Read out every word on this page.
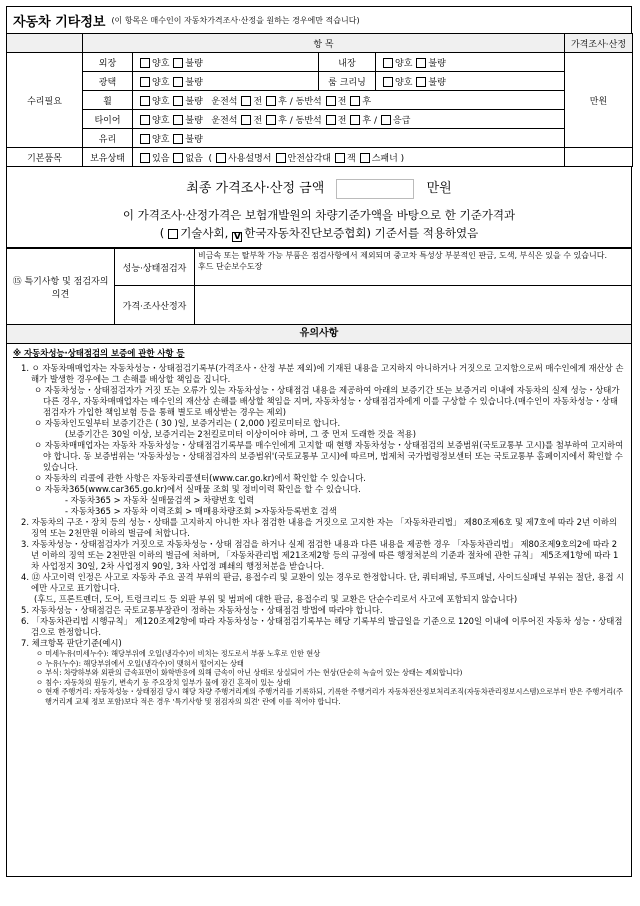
자동차 기타정보 (이 항목은 매수인이 자동차가격조사·산정을 원하는 경우에만 적습니다)
	항 목				가격조사·산정
수리필요	외장	양호 불량	내장	양호 불량	만원
	광택	양호 불량	룸 크리닝	양호 불량	
	휠	양호 불량 운전석 전 후 / 동반석 전 후			
	타이어	양호 불량 운전석 전 후 / 동반석 전 후 / 응급			
	유리	양호 불량			
기본품목	보유상태	있음 없음 ( 사용설명서 안전삼각대 잭 스패너 )			
최종 가격조사·산정 금액	만원
이 가격조사·산정가격은 보험개발원의 차량기준가액을 바탕으로 한 기준가격과
( 기술사회, V 한국자동차진단보증협회) 기준서를 적용하였음
⑮ 특기사항 및 점검자의 의견	성능·상태점검자	비금속 또는 탈부착 가능 부품은 점검사항에서 제외되며 중고차 특성상 부분적인 판금, 도색, 부식은 있을 수 있습니다.
후드 단순보수도장

	가격·조사산정자	
유의사항
※ 자동차성능·상태점검의 보증에 관한 사항 등
1. ㅇ 자동차매매업자는 자동차성능・상태점검기록부(가격조사・산정 부분 제외)에 기재된 내용을 고지하지 아니하거나 거짓으로 고지함으로써 매수인에게 재산상 손해가 발생한 경우에는 그 손해를 배상할 책임을 집니다.
ㅇ 자동차성능・상태점검자가 거짓 또는 오류가 있는 자동차성능・상태점검 내용을 제공하여 아래의 보증기간 또는 보증거리 이내에 자동차의 실제 성능・상태가 다른 경우, 자동차매매업자는 매수인의 재산상 손해를 배상할 책임을 지며, 자동차성능・상태점검자에게 이를 구상할 수 있습니다.(매수인이 자동차성능・상태점검자가 가입한 책임보험 등을 통해 별도로 배상받는 경우는 제외)
ㅇ 자동차인도일부터 보증기간은 ( 30 )일, 보증거리는 ( 2,000 )킬로미터로 합니다.
(보증기간은 30일 이상, 보증거리는 2천킬로미터 이상이어야 하며, 그 중 먼저 도래한 것을 적용)
ㅇ 자동차매매업자는 자동차 자동차성능・상태점검기록부를 매수인에게 고지할 때 현행 자동차성능・상태점검의 보증범위(국토교통부 고시)를 첨부하여 고지하여야 합니다. 동 보증범위는 '자동차성능・상태점검자의 보증범위'(국토교통부 고시)에 따르며, 법제처 국가법령정보센터 또는 국토교통부 홈페이지에서 확인할 수 있습니다.
ㅇ 자동차의 리콜에 관한 사항은 자동차리콜센터(www.car.go.kr)에서 확인할 수 있습니다.
ㅇ 자동차365(www.car365.go.kr)에서 실매물 조회 및 정비이력 확인을 할 수 있습니다.
- 자동차365 > 자동차 실매물검색 > 차량번호 입력
- 자동차365 > 자동차 이력조회 > 매매용차량조회 >자동차등록번호 검색
2. 자동차의 구조・장치 등의 성능・상태를 고지하지 아니한 자나 점검한 내용을 거짓으로 고지한 자는 「자동차관리법」 제80조제6호 및 제7호에 따라 2년 이하의 징역 또는 2천만원 이하의 벌금에 처합니다.
3. 자동차성능・상태점검자가 거짓으로 자동차성능・상태 점검을 하거나 실제 점검한 내용과 다른 내용을 제공한 경우 「자동차관리법」 제80조제9호의2에 따라 2년 이하의 징역 또는 2천만원 이하의 벌금에 처하며, 「자동차관리법 제21조제2항 등의 규정에 따른 행정처분의 기준과 절차에 관한 규칙」 제5조제1항에 따라 1차 사업정지 30일, 2차 사업정지 90일, 3차 사업정 폐쇄의 행정처분을 받습니다.
4. ⑫ 사고이력 인정은 사고로 자동차 주요 골격 부위의 판금, 용접수리 및 교환이 있는 경우로 한정합니다. 단, 쿼터패널, 루프패널, 사이드실패널 부위는 절단, 용접 시에만 사고로 표기합니다.
(후드, 프론트펜더, 도어, 트렁크리드 등 외판 부위 및 범퍼에 대한 판금, 용접수리 및 교환은 단순수리로서 사고에 포함되지 않습니다)
5. 자동차성능・상태점검은 국토교통부장관이 정하는 자동차성능・상태점검 방법에 따라야 합니다.
6. 「자동차관리법 시행규칙」 제120조제2항에 따라 자동차성능・상태점검기록부는 해당 기록부의 발급일을 기준으로 120일 이내에 이루어진 자동차 성능・상태점검으로 한정합니다.
7. 체크항목 판단기준(예시)
ㅇ 미세누유(미세누수): 해당부위에 오일(냉각수)이 비치는 정도로서 부품 노후로 인한 현상
ㅇ 누유(누수): 해당부위에서 오일(냉각수)이 맺혀서 떨어지는 상태
ㅇ 부식: 차량하부와 외판의 금속표면이 화학반응에 의해 금속이 아닌 상태로 상실되어 가는 현상(단순히 녹슬어 있는 상태는 제외합니다)
ㅇ 침수: 자동차의 원동기, 변속기 등 주요장치 일부가 물에 잠긴 흔적이 있는 상태
ㅇ 현재 주행거리: 자동차성능・상태점검 당시 해당 차량 주행거리계의 주행거리를 기록하되, 기록한 주행거리가 자동차전산정보처리조직(자동차관리정보시스템)으로부터 받은 주행거리(주행거리계 교체 정보 포함)보다 적은 경우 '특기사항 및 점검자의 의견' 란에 이를 적어야 합니다.
